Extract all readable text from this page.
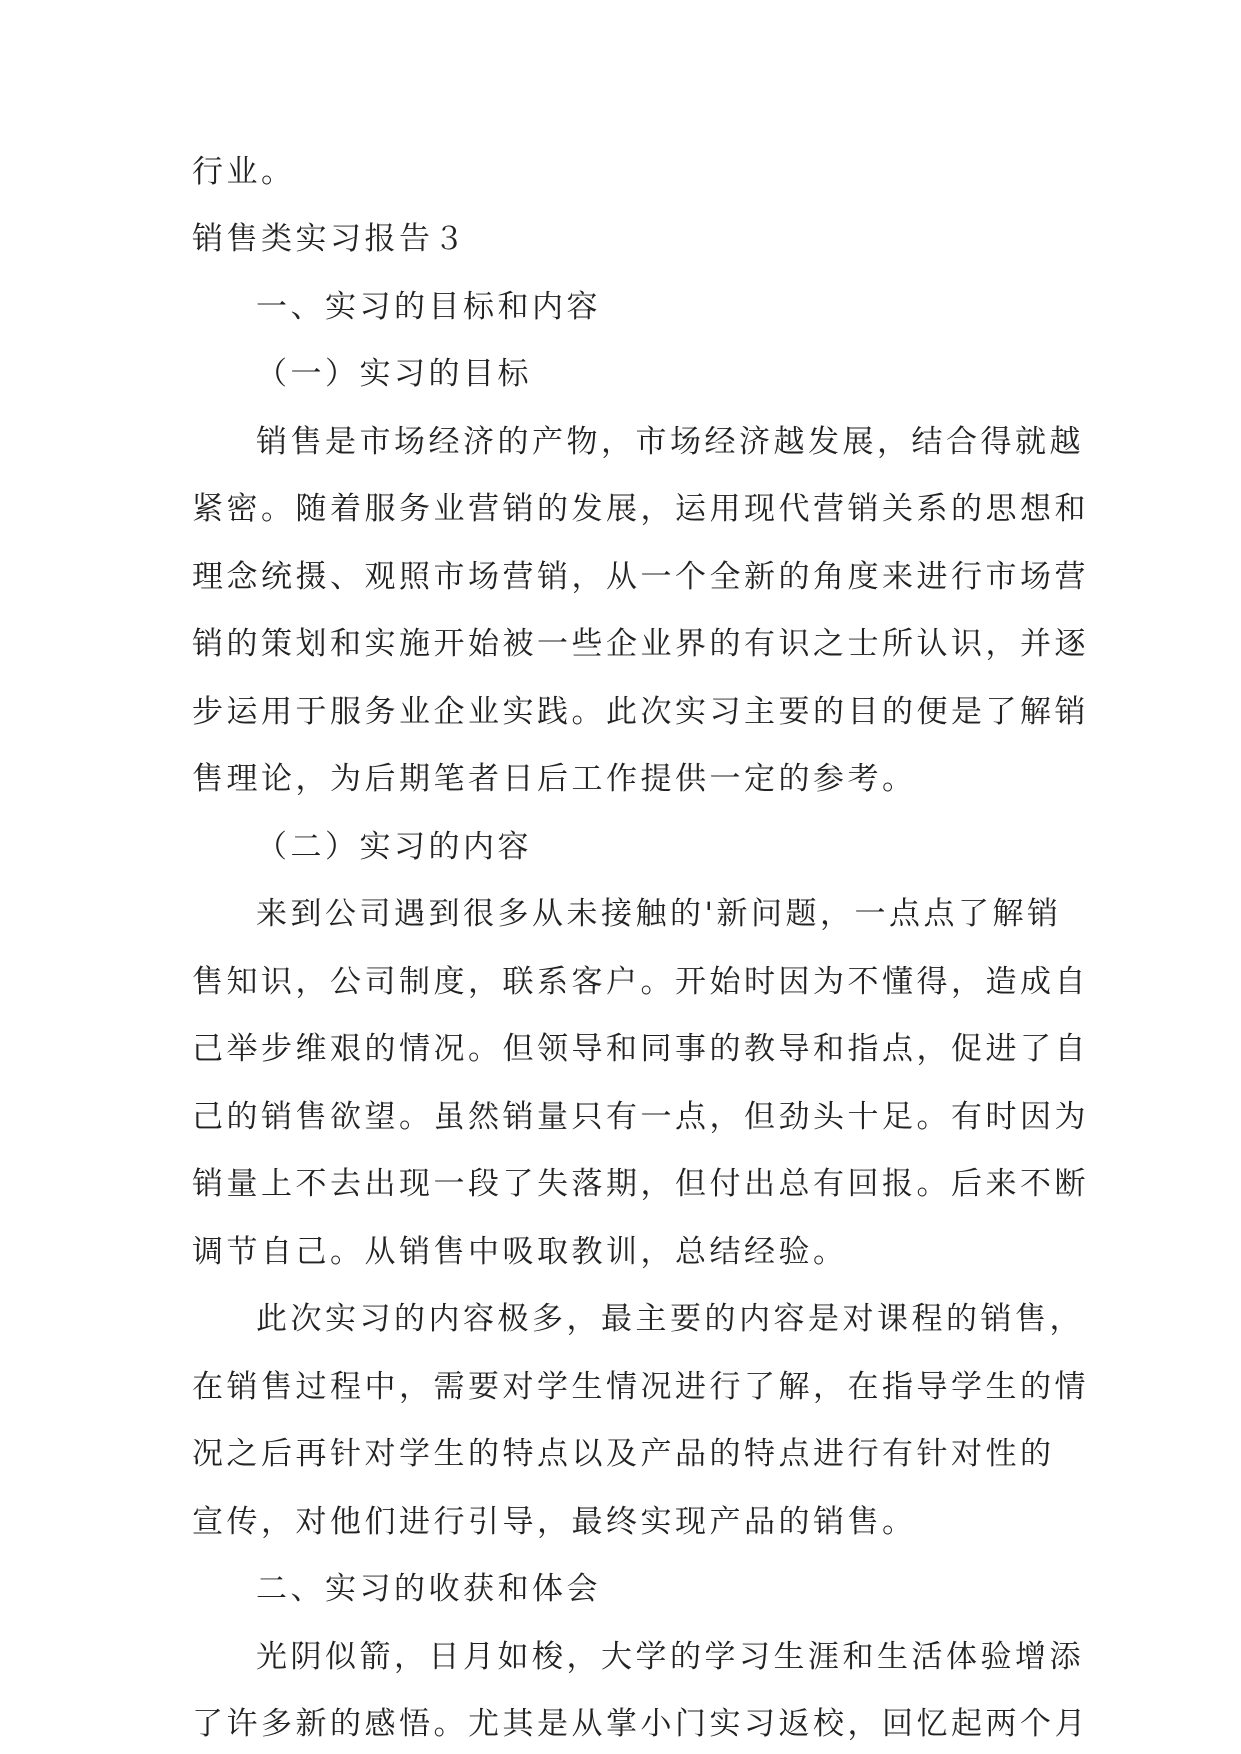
行业。
销售类实习报告３
一、实习的目标和内容
（一）实习的目标
销售是市场经济的产物，市场经济越发展，结合得就越
紧密。随着服务业营销的发展，运用现代营销关系的思想和
理念统摄、观照市场营销，从一个全新的角度来进行市场营
销的策划和实施开始被一些企业界的有识之士所认识，并逐
步运用于服务业企业实践。此次实习主要的目的便是了解销
售理论，为后期笔者日后工作提供一定的参考。
（二）实习的内容
来到公司遇到很多从未接触的'新问题，一点点了解销
售知识，公司制度，联系客户。开始时因为不懂得，造成自
己举步维艰的情况。但领导和同事的教导和指点，促进了自
己的销售欲望。虽然销量只有一点，但劲头十足。有时因为
销量上不去出现一段了失落期，但付出总有回报。后来不断
调节自己。从销售中吸取教训，总结经验。
此次实习的内容极多，最主要的内容是对课程的销售，
在销售过程中，需要对学生情况进行了解，在指导学生的情
况之后再针对学生的特点以及产品的特点进行有针对性的
宣传，对他们进行引导，最终实现产品的销售。
二、实习的收获和体会
光阴似箭，日月如梭，大学的学习生涯和生活体验增添
了许多新的感悟。尤其是从掌小门实习返校，回忆起两个月
